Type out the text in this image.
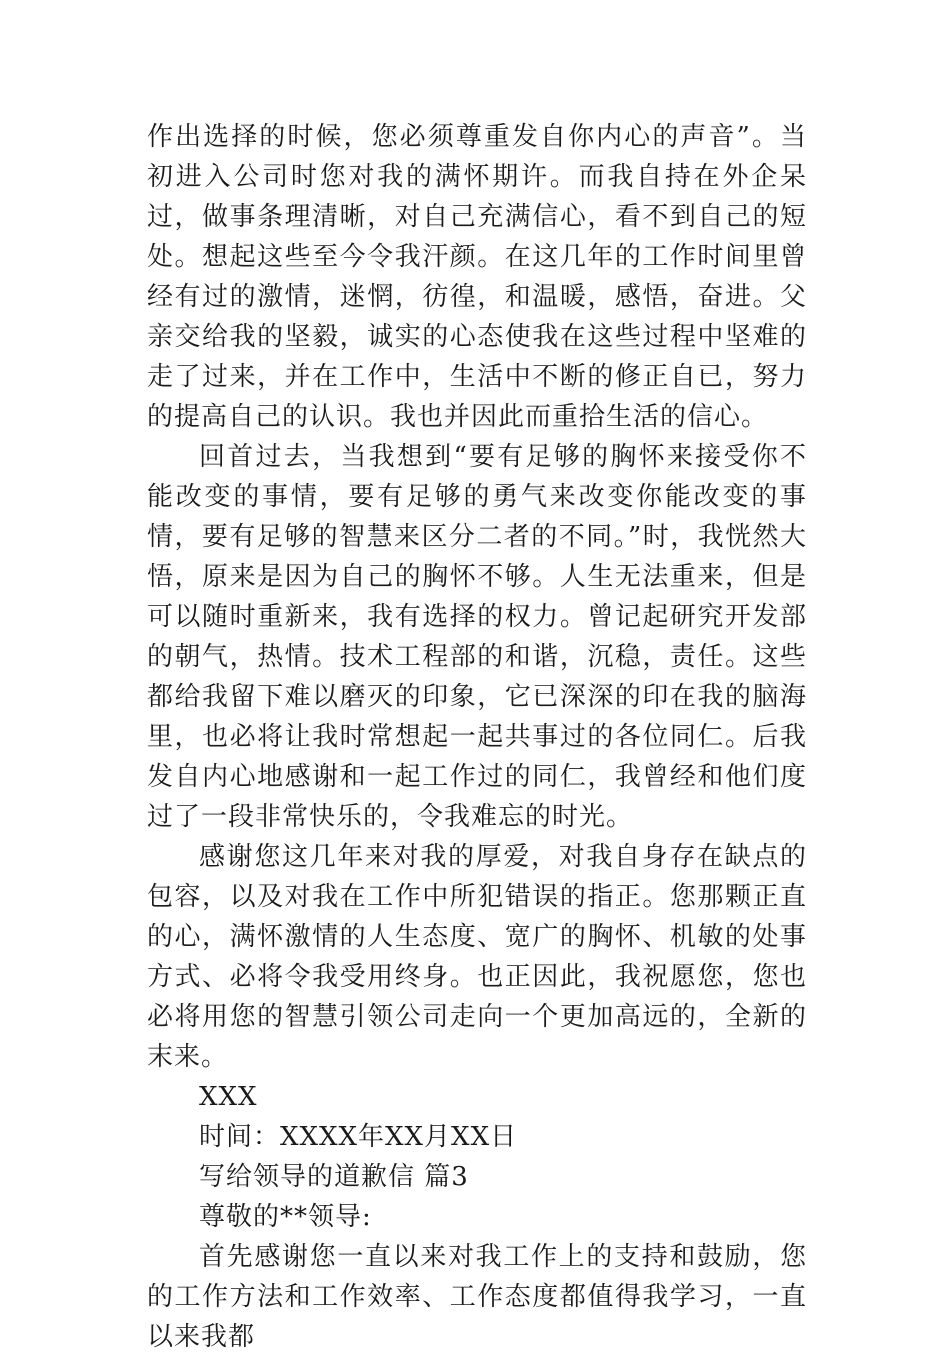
作出选择的时候，您必须尊重发自你内心的声音”。当初进入公司时您对我的满怀期许。而我自持在外企呆过，做事条理清晰，对自己充满信心，看不到自己的短处。想起这些至今令我汗颜。在这几年的工作时间里曾经有过的激情，迷惘，彷徨，和温暖，感悟，奋进。父亲交给我的坚毅，诚实的心态使我在这些过程中坚难的走了过来，并在工作中，生活中不断的修正自已，努力的提高自己的认识。我也并因此而重拾生活的信心。

回首过去，当我想到“要有足够的胸怀来接受你不能改变的事情，要有足够的勇气来改变你能改变的事情，要有足够的智慧来区分二者的不同。”时，我恍然大悟，原来是因为自己的胸怀不够。人生无法重来，但是可以随时重新来，我有选择的权力。曾记起研究开发部的朝气，热情。技术工程部的和谐，沉稳，责任。这些都给我留下难以磨灭的印象，它已深深的印在我的脑海里，也必将让我时常想起一起共事过的各位同仁。后我发自内心地感谢和一起工作过的同仁，我曾经和他们度过了一段非常快乐的，令我难忘的时光。

感谢您这几年来对我的厚爱，对我自身存在缺点的包容，以及对我在工作中所犯错误的指正。您那颗正直的心，满怀激情的人生态度、宽广的胸怀、机敏的处事方式、必将令我受用终身。也正因此，我祝愿您，您也必将用您的智慧引领公司走向一个更加高远的，全新的末来。

XXX

时间：XXXX年XX月XX日

写给领导的道歉信 篇3

尊敬的**领导:

首先感谢您一直以来对我工作上的支持和鼓励，您的工作方法和工作效率、工作态度都值得我学习，一直以来我都
